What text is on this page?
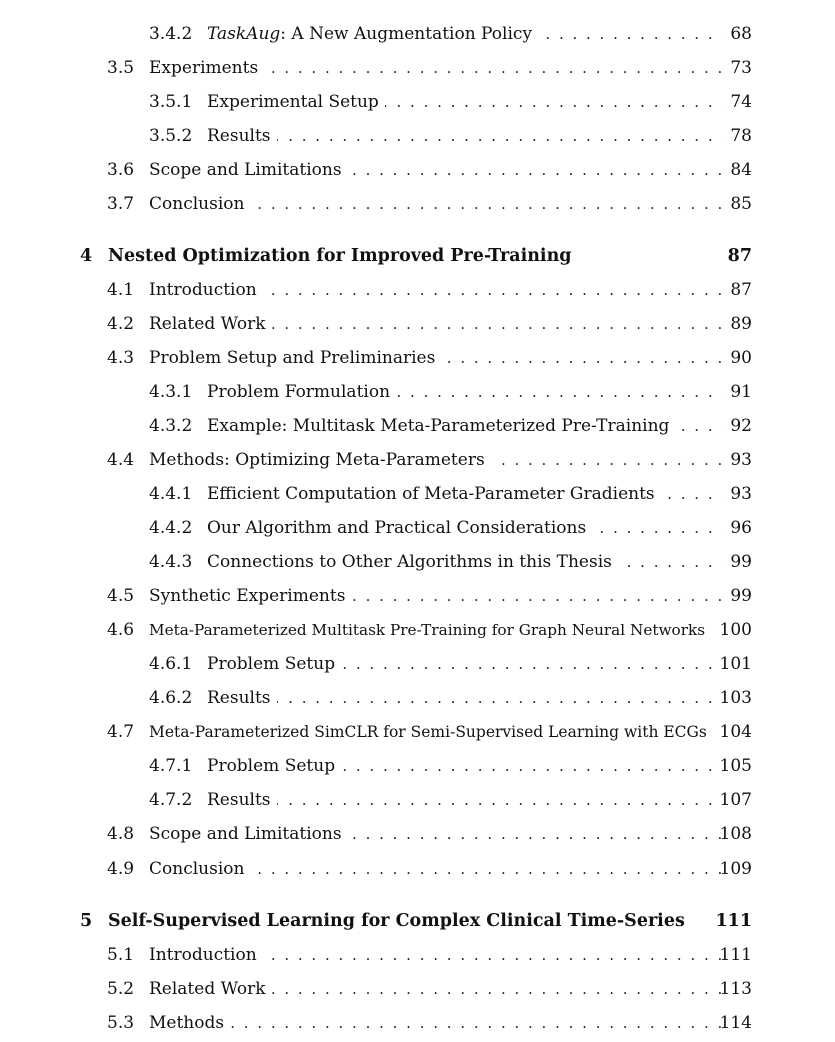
. . .
3.4.2 TaskAug: A New Augmentation Policy	68
. . .
3.5 Experiments	73
. . .
3.5.1 Experimental Setup	74
. . .
3.5.2 Results	78
. . .
3.6 Scope and Limitations	84
. . .
3.7 Conclusion	85
4 Nested Optimization for Improved Pre-Training	87
. . .
4.1 Introduction	87
. . .
4.2 Related Work	89
. . .
4.3 Problem Setup and Preliminaries	90
. . .
4.3.1 Problem Formulation	91
. . .
4.3.2 Example: Multitask Meta-Parameterized Pre-Training	92
. . .
4.4 Methods: Optimizing Meta-Parameters	93
. . .
4.4.1 Efficient Computation of Meta-Parameter Gradients	93
. . .
4.4.2 Our Algorithm and Practical Considerations	96
. . .
4.4.3 Connections to Other Algorithms in this Thesis	99
. . .
4.5 Synthetic Experiments	99
4.6 Meta-Parameterized Multitask Pre-Training for Graph Neural Networks 100
. . .
4.6.1 Problem Setup	101
. . .
4.6.2 Results	103
4.7 Meta-Parameterized SimCLR for Semi-Supervised Learning with ECGs 104
. . .
4.7.1 Problem Setup	105
. . .
4.7.2 Results	107
. . .
4.8 Scope and Limitations	108
. . .
4.9 Conclusion	109
5 Self-Supervised Learning for Complex Clinical Time-Series	111
. . .
5.1 Introduction	111
. . .
5.2 Related Work	113
. . .
5.3 Methods	114
